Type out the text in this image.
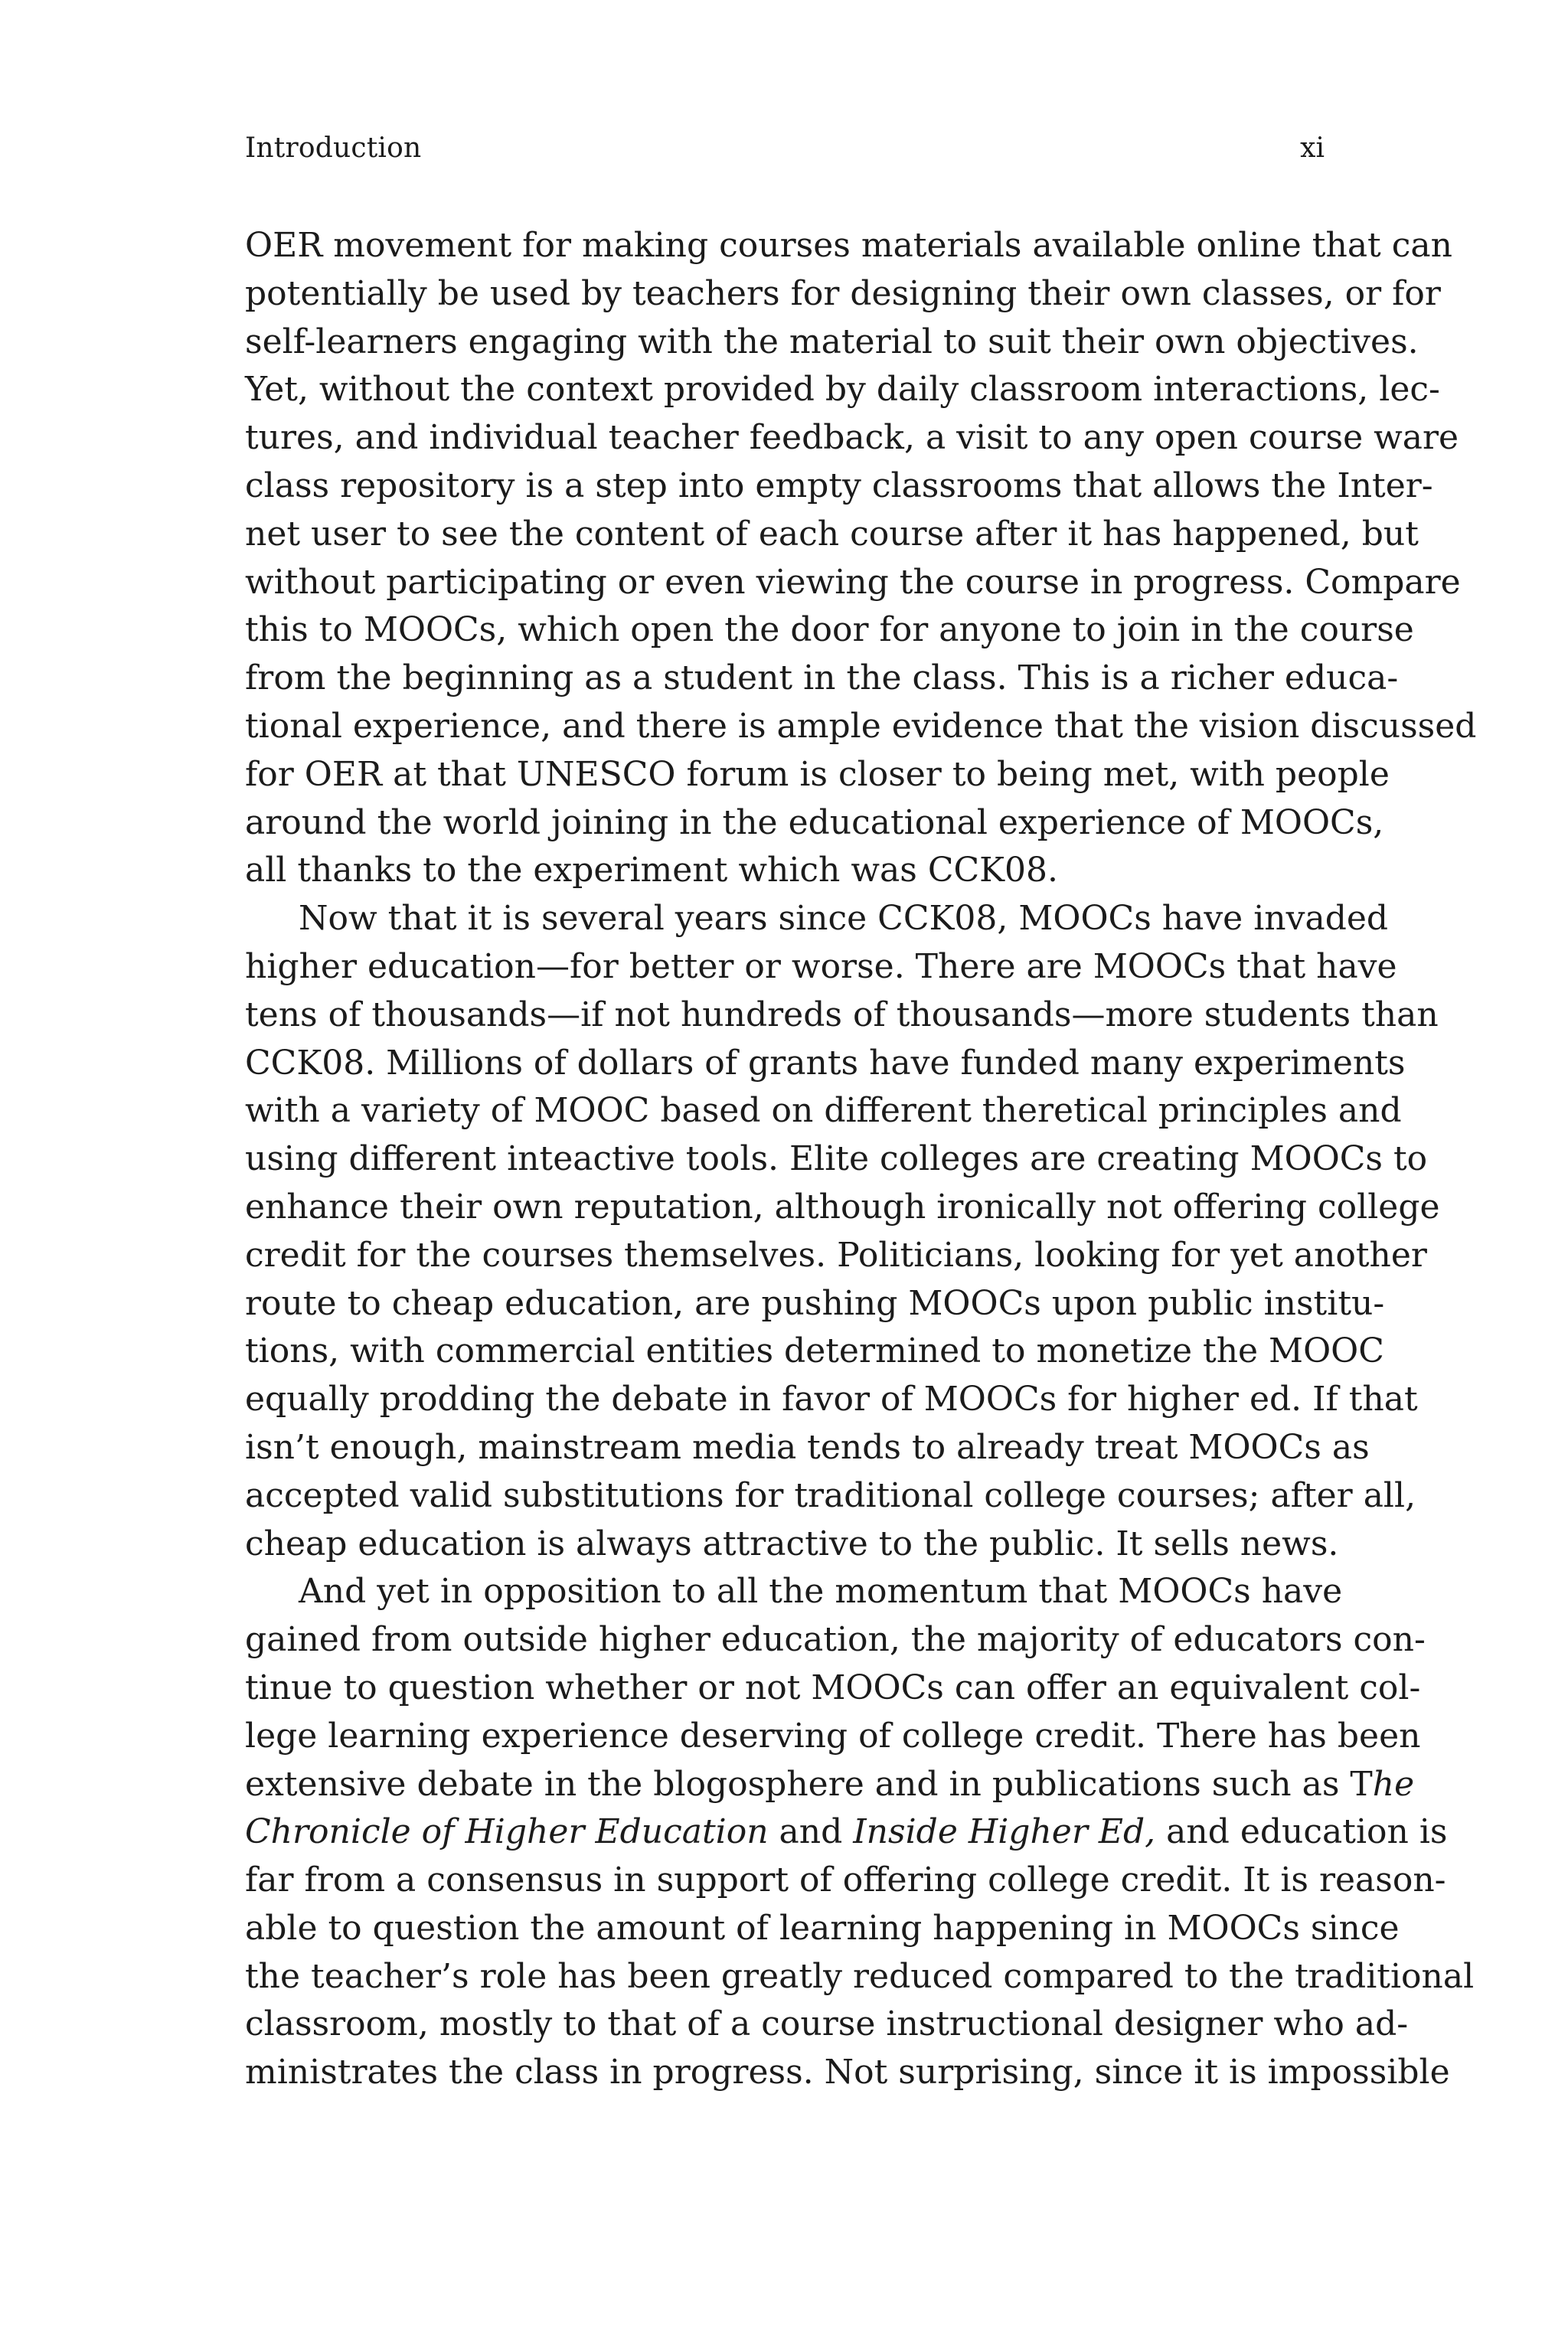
Introduction	xi
OER movement for making courses materials available online that can
potentially be used by teachers for designing their own classes, or for
self-learners engaging with the material to suit their own objectives.
Yet, without the context provided by daily classroom interactions, lec-
tures, and individual teacher feedback, a visit to any open course ware
class repository is a step into empty classrooms that allows the Inter-
net user to see the content of each course after it has happened, but
without participating or even viewing the course in progress. Compare
this to MOOCs, which open the door for anyone to join in the course
from the beginning as a student in the class. This is a richer educa-
tional experience, and there is ample evidence that the vision discussed
for OER at that UNESCO forum is closer to being met, with people
around the world joining in the educational experience of MOOCs,
all thanks to the experiment which was CCK08.
Now that it is several years since CCK08, MOOCs have invaded
higher education—for better or worse. There are MOOCs that have
tens of thousands—if not hundreds of thousands—more students than
CCK08. Millions of dollars of grants have funded many experiments
with a variety of MOOC based on different theretical principles and
using different inteactive tools. Elite colleges are creating MOOCs to
enhance their own reputation, although ironically not offering college
credit for the courses themselves. Politicians, looking for yet another
route to cheap education, are pushing MOOCs upon public institu-
tions, with commercial entities determined to monetize the MOOC
equally prodding the debate in favor of MOOCs for higher ed. If that
isn’t enough, mainstream media tends to already treat MOOCs as
accepted valid substitutions for traditional college courses; after all,
cheap education is always attractive to the public. It sells news.
And yet in opposition to all the momentum that MOOCs have
gained from outside higher education, the majority of educators con-
tinue to question whether or not MOOCs can offer an equivalent col-
lege learning experience deserving of college credit. There has been
extensive debate in the blogosphere and in publications such as The
Chronicle of Higher Education and Inside Higher Ed, and education is
far from a consensus in support of offering college credit. It is reason-
able to question the amount of learning happening in MOOCs since
the teacher’s role has been greatly reduced compared to the traditional
classroom, mostly to that of a course instructional designer who ad-
ministrates the class in progress. Not surprising, since it is impossible
